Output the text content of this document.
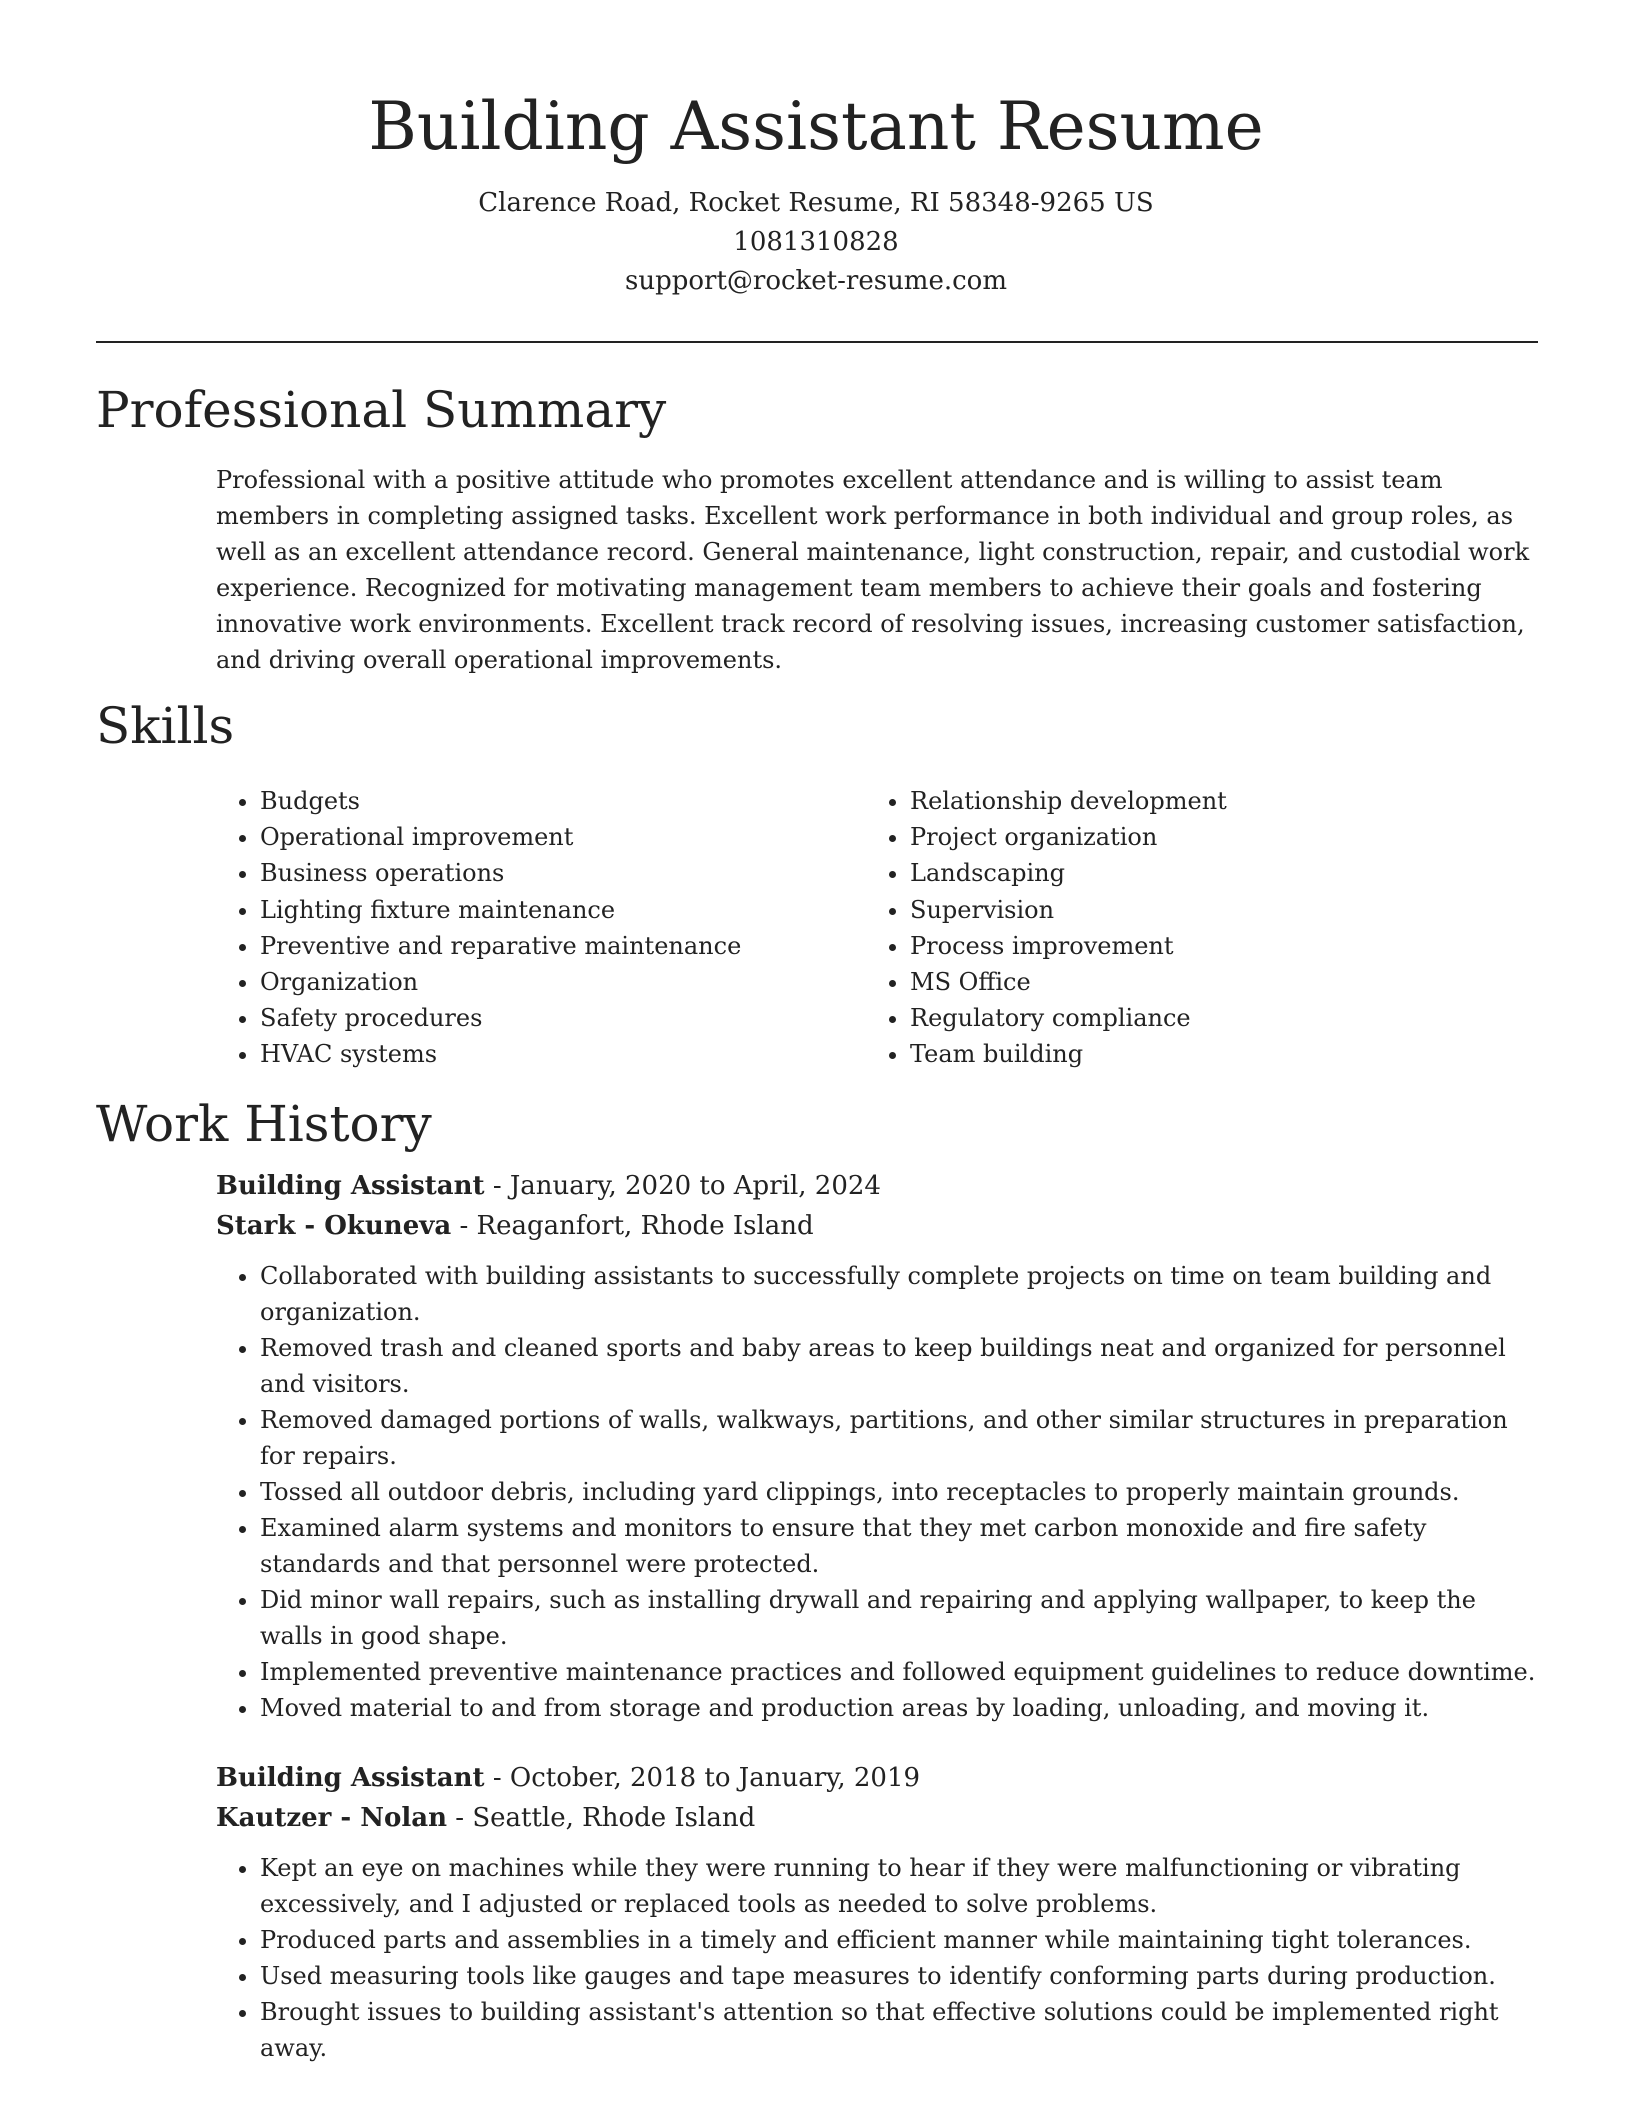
Building Assistant Resume
Clarence Road, Rocket Resume, RI 58348-9265 US
1081310828
support@rocket-resume.com
Professional Summary

Professional with a positive attitude who promotes excellent attendance and is willing to assist team members in completing assigned tasks. Excellent work performance in both individual and group roles, as well as an excellent attendance record. General maintenance, light construction, repair, and custodial work experience. Recognized for motivating management team members to achieve their goals and fostering innovative work environments. Excellent track record of resolving issues, increasing customer satisfaction, and driving overall operational improvements.

Skills
• Budgets
• Operational improvement
• Business operations
• Lighting fixture maintenance
• Preventive and reparative maintenance
• Organization
• Safety procedures
• HVAC systems
• Relationship development
• Project organization
• Landscaping
• Supervision
• Process improvement
• MS Office
• Regulatory compliance
• Team building
Work History

Building Assistant - January, 2020 to April, 2024

Stark - Okuneva - Reaganfort, Rhode Island

• Collaborated with building assistants to successfully complete projects on time on team building and organization.
• Removed trash and cleaned sports and baby areas to keep buildings neat and organized for personnel and visitors.
• Removed damaged portions of walls, walkways, partitions, and other similar structures in preparation for repairs.
• Tossed all outdoor debris, including yard clippings, into receptacles to properly maintain grounds.
• Examined alarm systems and monitors to ensure that they met carbon monoxide and fire safety standards and that personnel were protected.
• Did minor wall repairs, such as installing drywall and repairing and applying wallpaper, to keep the walls in good shape.
• Implemented preventive maintenance practices and followed equipment guidelines to reduce downtime.
• Moved material to and from storage and production areas by loading, unloading, and moving it.

Building Assistant - October, 2018 to January, 2019

Kautzer - Nolan - Seattle, Rhode Island

• Kept an eye on machines while they were running to hear if they were malfunctioning or vibrating excessively, and I adjusted or replaced tools as needed to solve problems.
• Produced parts and assemblies in a timely and efficient manner while maintaining tight tolerances.
• Used measuring tools like gauges and tape measures to identify conforming parts during production.
• Brought issues to building assistant's attention so that effective solutions could be implemented right away.
